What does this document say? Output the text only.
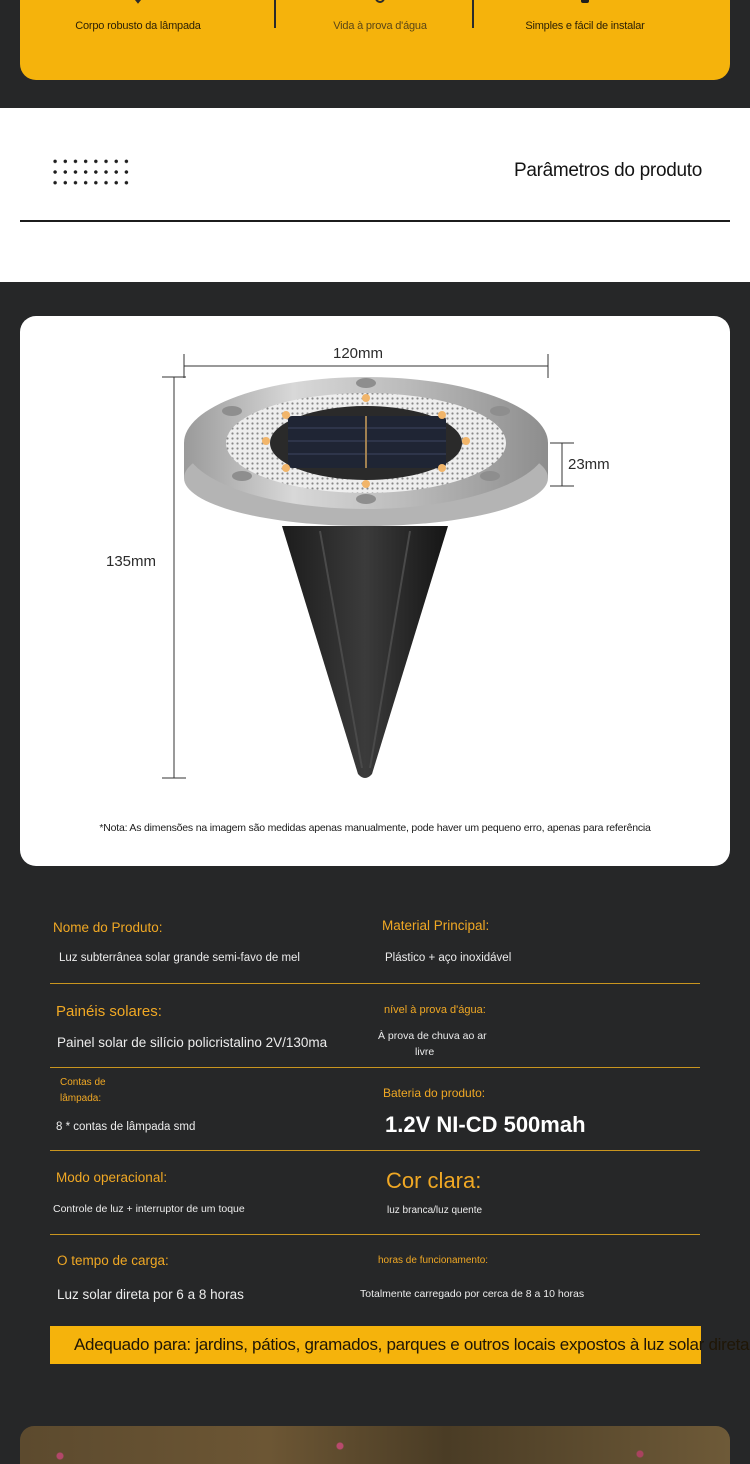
Corpo robusto da lâmpada	Vida à prova d'água	Simples e fácil de instalar
Parâmetros do produto
120mm
135mm
23mm
*Nota: As dimensões na imagem são medidas apenas manualmente, pode haver um pequeno erro, apenas para referência
Nome do Produto:
Luz subterrânea solar grande semi-favo de mel
Material Principal:
Plástico + aço inoxidável
Painéis solares:
Painel solar de silício policristalino 2V/130ma
nível à prova d'água:
À prova de chuva ao ar
livre
Contas de
lâmpada:
8 * contas de lâmpada smd
Bateria do produto:
1.2V NI-CD 500mah
Modo operacional:
Controle de luz + interruptor de um toque
Cor clara:
luz branca/luz quente
O tempo de carga:
Luz solar direta por 6 a 8 horas
horas de funcionamento:
Totalmente carregado por cerca de 8 a 10 horas
Adequado para: jardins, pátios, gramados, parques e outros locais expostos à luz solar direta
